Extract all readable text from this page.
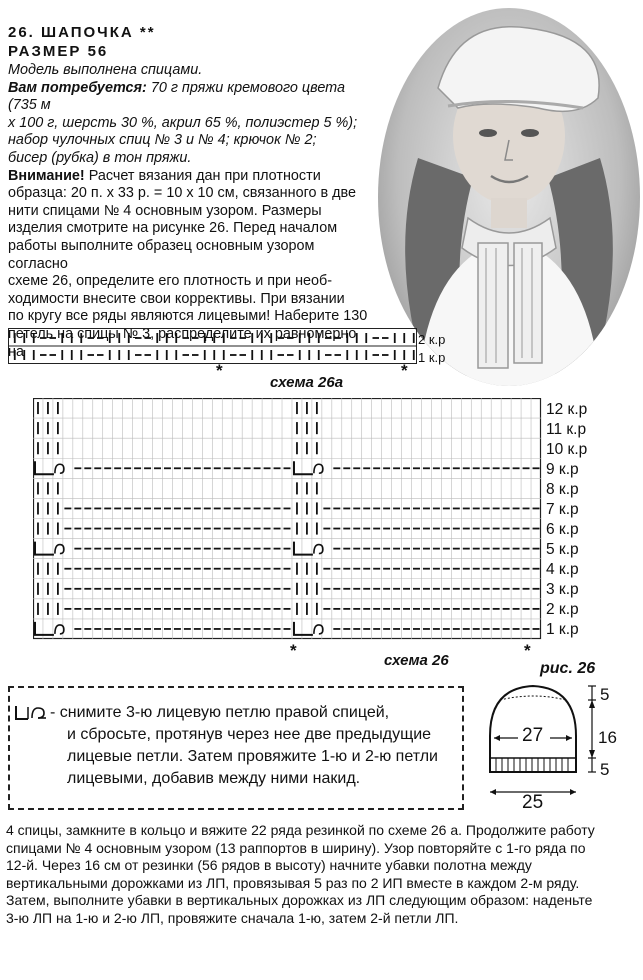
26. ШАПОЧКА **
РАЗМЕР 56
Модель выполнена спицами.
Вам потребуется: 70 г пряжи кремового цвета (735 м
х 100 г, шерсть 30 %, акрил 65 %, полиэстер 5 %);
набор чулочных спиц № 3 и № 4; крючок № 2;
бисер (рубка) в тон пряжи.
Внимание! Расчет вязания дан при плотности
образца: 20 п. х 33 р. = 10 х 10 см, связанного в две
нити спицами № 4 основным узором. Размеры
изделия смотрите на рисунке 26. Перед началом
работы выполните образец основным узором согласно
схеме 26, определите его плотность и при необ-
ходимости внесите свои коррективы. При вязании
по кругу все ряды являются лицевыми! Наберите 130
петель на спицы № 3, распределите их равномерно на
2 к.р
1 к.р
*	*
схема 26а
12 к.р
11 к.р
10 к.р
9 к.р
8 к.р
7 к.р
6 к.р
5 к.р
4 к.р
3 к.р
2 к.р
1 к.р
*	*
схема 26	рис. 26
27
25
5
16
5
- снимите 3-ю лицевую петлю правой спицей,
и сбросьте, протянув через нее две предыдущие
лицевые петли. Затем провяжите 1-ю и 2-ю петли
лицевыми, добавив между ними накид.
4 спицы, замкните в кольцо и вяжите 22 ряда резинкой по схеме 26 а. Продолжите работу
спицами № 4 основным узором (13 раппортов в ширину). Узор повторяйте с 1-го ряда по
12-й. Через 16 см от резинки (56 рядов в высоту) начните убавки полотна между
вертикальными дорожками из ЛП, провязывая 5 раз по 2 ИП вместе в каждом 2-м ряду.
Затем, выполните убавки в вертикальных дорожках из ЛП следующим образом: наденьте
3-ю ЛП на 1-ю и 2-ю ЛП, провяжите сначала 1-ю, затем 2-й петли ЛП.
